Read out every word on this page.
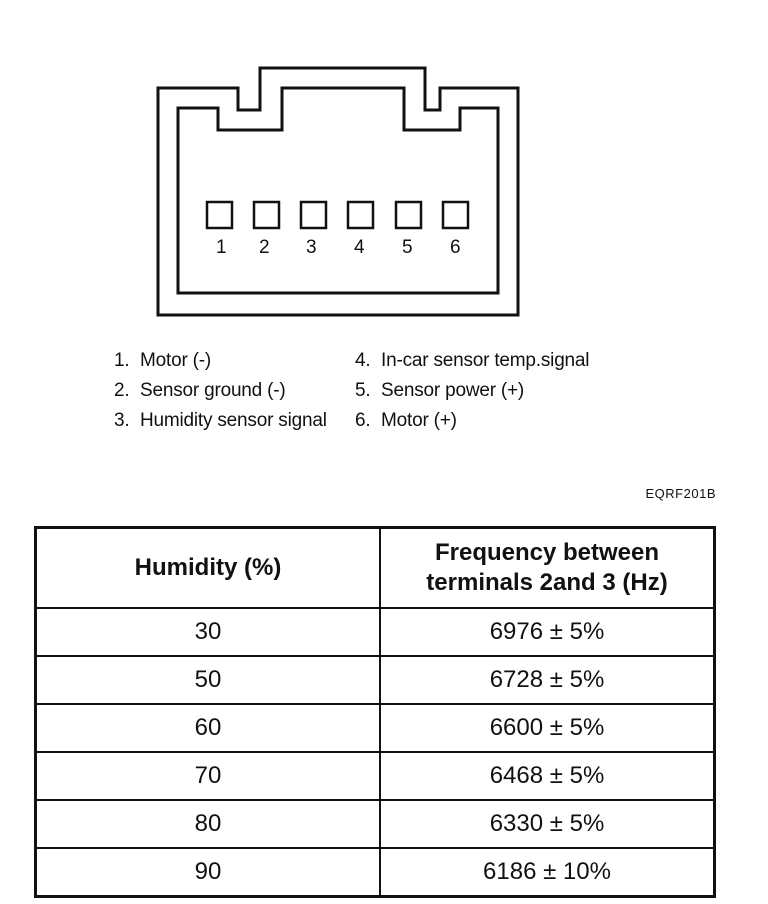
1 2 3 4 5 6
1. Motor (-)
2. Sensor ground (-)
3. Humidity sensor signal
4. In-car sensor temp.signal
5. Sensor power (+)
6. Motor (+)
EQRF201B
Humidity (%)	Frequency between
terminals 2and 3 (Hz)
30	6976 ± 5%
50	6728 ± 5%
60	6600 ± 5%
70	6468 ± 5%
80	6330 ± 5%
90	6186 ± 10%
